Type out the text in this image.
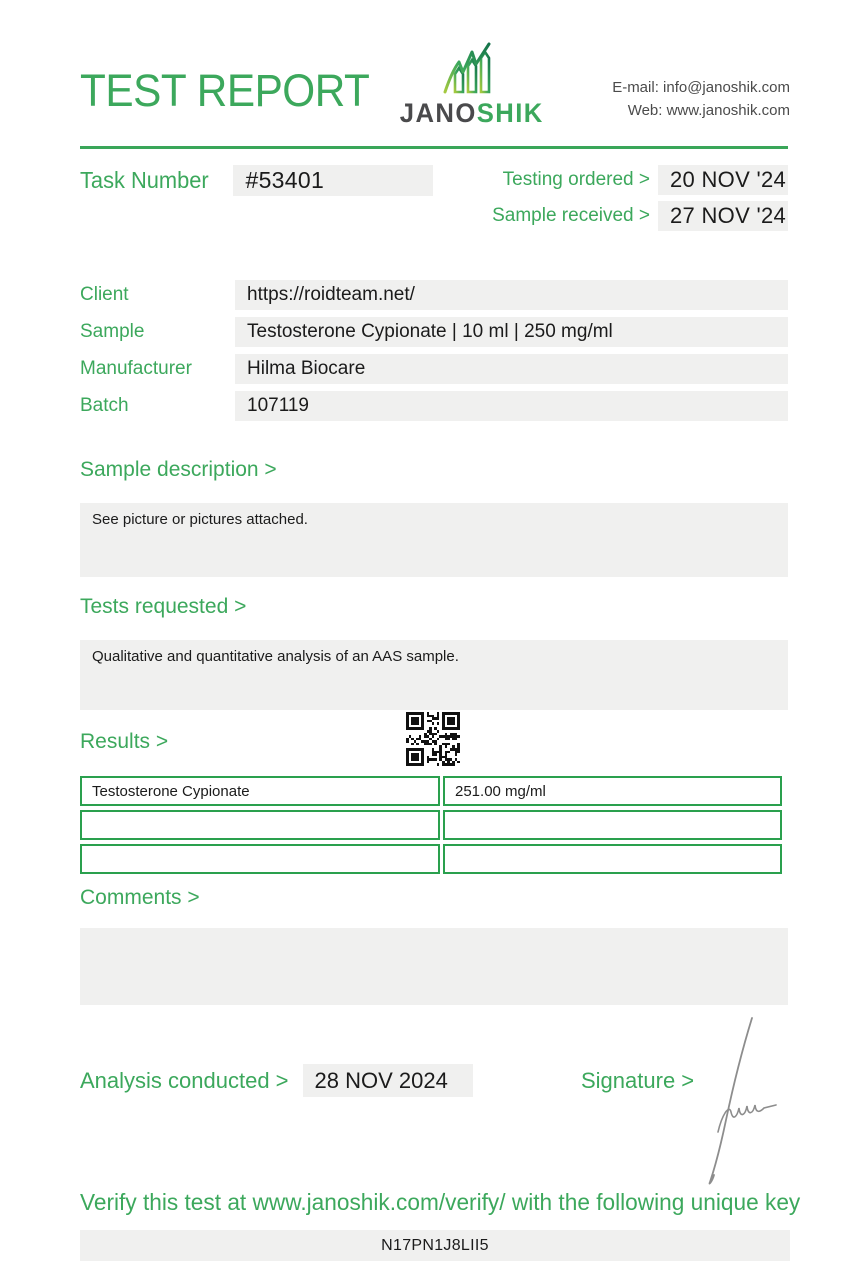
TEST REPORT JANOSHIK
E-mail: info@janoshik.com
Web: www.janoshik.com
Task Number	#53401	Testing ordered > 20 NOV '24
Sample received > 27 NOV '24
Client	https://roidteam.net/
Sample	Testosterone Cypionate | 10 ml | 250 mg/ml
Manufacturer	Hilma Biocare
Batch	107119
Sample description >
See picture or pictures attached.
Tests requested >
Qualitative and quantitative analysis of an AAS sample.
Results >
Testosterone Cypionate	251.00 mg/ml

Comments >
Analysis conducted >	28 NOV 2024	Signature >
Verify this test at www.janoshik.com/verify/ with the following unique key
N17PN1J8LII5
